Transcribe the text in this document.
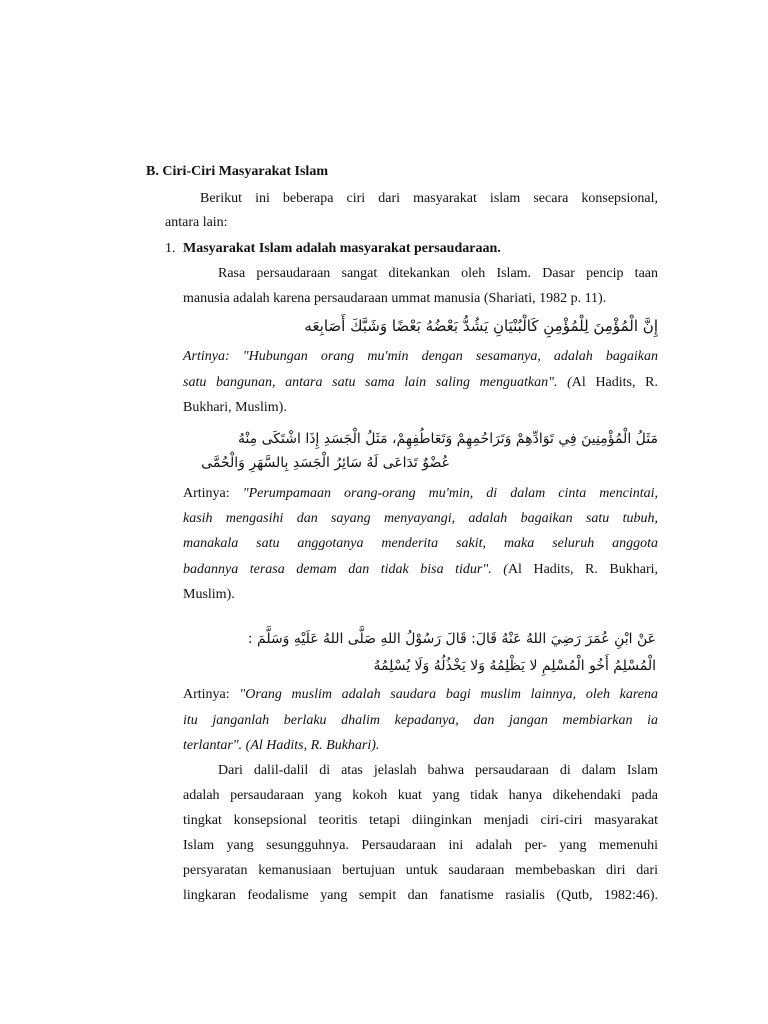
B. Ciri-Ciri Masyarakat Islam
Berikut ini beberapa ciri dari masyarakat islam secara konsepsional,
antara lain:
1. Masyarakat Islam adalah masyarakat persaudaraan.
Rasa persaudaraan sangat ditekankan oleh Islam. Dasar pencip taan
manusia adalah karena persaudaraan ummat manusia (Shariati, 1982 p. 11).
إِنَّ الْمُؤْمِنَ لِلْمُؤْمِنِ كَالْبُنْيَانِ يَشُدُّ بَعْضُهُ بَعْضًا وَشَبَّكَ أَصَابِعَه
Artinya: "Hubungan orang mu'min dengan sesamanya, adalah bagaikan
satu bangunan, antara satu sama lain saling menguatkan". (Al Hadits, R.
Bukhari, Muslim).
مَثَلُ الْمُؤْمِنِينَ فِي تَوَادِّهِمْ وَتَرَاحُمِهِمْ وَتَعَاطُفِهِمْ، مَثَلُ الْجَسَدِ إِذَا اشْتَكَى مِنْهُ
عُضْوٌ تَدَاعَى لَهُ سَائِرُ الْجَسَدِ بِالسَّهَرِ وَالْحُمَّى
Artinya: "Perumpamaan orang-orang mu'min, di dalam cinta mencintai,
kasih mengasihi dan sayang menyayangi, adalah bagaikan satu tubuh,
manakala satu anggotanya menderita sakit, maka seluruh anggota
badannya terasa demam dan tidak bisa tidur". (Al Hadits, R. Bukhari,
Muslim).
عَنْ ابْنِ عُمَرَ رَضِيَ اللهُ عَنْهُ قَالَ: قَالَ رَسُوْلُ اللهِ صَلَّى اللهُ عَلَيْهِ وَسَلَّمَ :
الْمُسْلِمُ أَخُو الْمُسْلِمِ لا يَظْلِمُهُ وَلا يَخْذُلُهُ وَلَا يُسْلِمُهُ
Artinya: "Orang muslim adalah saudara bagi muslim lainnya, oleh karena
itu janganlah berlaku dhalim kepadanya, dan jangan membiarkan ia
terlantar". (Al Hadits, R. Bukhari).
Dari dalil-dalil di atas jelaslah bahwa persaudaraan di dalam Islam
adalah persaudaraan yang kokoh kuat yang tidak hanya dikehendaki pada
tingkat konsepsional teoritis tetapi diinginkan menjadi ciri-ciri masyarakat
Islam yang sesungguhnya. Persaudaraan ini adalah per- yang memenuhi
persyaratan kemanusiaan bertujuan untuk saudaraan membebaskan diri dari
lingkaran feodalisme yang sempit dan fanatisme rasialis (Qutb, 1982:46).
